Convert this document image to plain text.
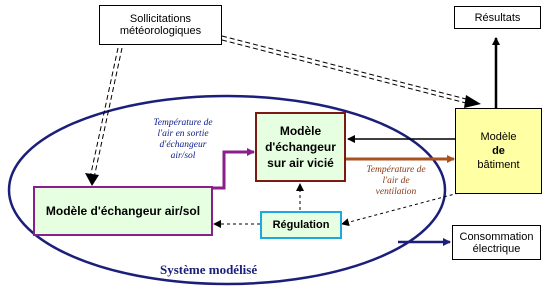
Sollicitations
météorologiques
Résultats
Modèle
d'échangeur
sur air vicié
Modèle
de
bâtiment
Modèle d'échangeur air/sol
Régulation
Consommation
électrique
Température de
l'air en sortie
d'échangeur
air/sol
Température de
l'air de
ventilation
Système modélisé
